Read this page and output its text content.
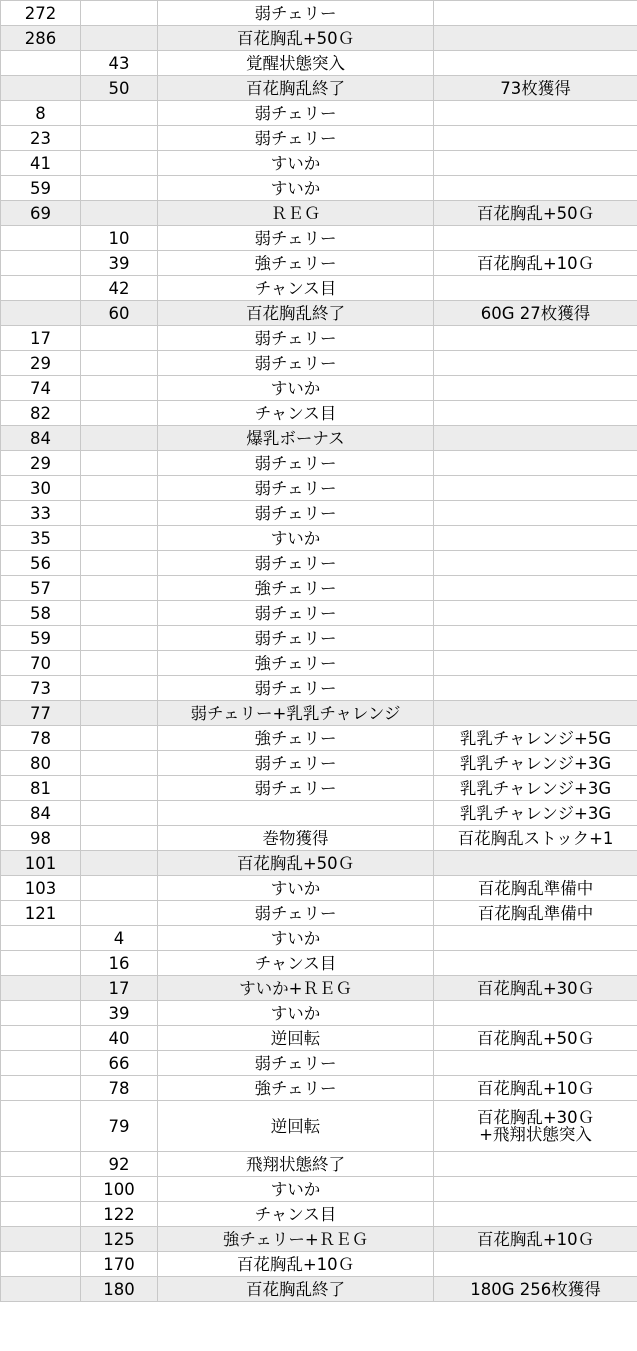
272		弱チェリー	
286		百花胸乱+50Ｇ	
	43	覚醒状態突入	
	50	百花胸乱終了	73枚獲得
8		弱チェリー	
23		弱チェリー	
41		すいか	
59		すいか	
69		ＲＥＧ	百花胸乱+50Ｇ
	10	弱チェリー	
	39	強チェリー	百花胸乱+10Ｇ
	42	チャンス目	
	60	百花胸乱終了	60G 27枚獲得
17		弱チェリー	
29		弱チェリー	
74		すいか	
82		チャンス目	
84		爆乳ボーナス	
29		弱チェリー	
30		弱チェリー	
33		弱チェリー	
35		すいか	
56		弱チェリー	
57		強チェリー	
58		弱チェリー	
59		弱チェリー	
70		強チェリー	
73		弱チェリー	
77		弱チェリー+乳乳チャレンジ	
78		強チェリー	乳乳チャレンジ+5G
80		弱チェリー	乳乳チャレンジ+3G
81		弱チェリー	乳乳チャレンジ+3G
84			乳乳チャレンジ+3G
98		巻物獲得	百花胸乱ストック+1
101		百花胸乱+50Ｇ	
103		すいか	百花胸乱準備中
121		弱チェリー	百花胸乱準備中
	4	すいか	
	16	チャンス目	
	17	すいか+ＲＥＧ	百花胸乱+30Ｇ
	39	すいか	
	40	逆回転	百花胸乱+50Ｇ
	66	弱チェリー	
	78	強チェリー	百花胸乱+10Ｇ
	79	逆回転	百花胸乱+30Ｇ
+飛翔状態突入

	92	飛翔状態終了	
	100	すいか	
	122	チャンス目	
	125	強チェリー+ＲＥＧ	百花胸乱+10Ｇ
	170	百花胸乱+10Ｇ	
	180	百花胸乱終了	180G 256枚獲得
